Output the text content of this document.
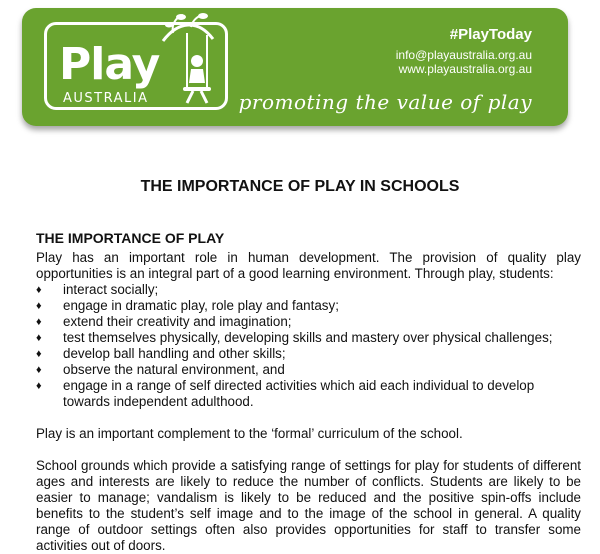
Play
AUSTRALIA
#PlayToday
info@playaustralia.org.au
www.playaustralia.org.au
promoting the value of play
THE IMPORTANCE OF PLAY IN SCHOOLS
THE IMPORTANCE OF PLAY

Play has an important role in human development. The provision of quality play opportunities is an integral part of a good learning environment. Through play, students:

♦ interact socially;
♦ engage in dramatic play, role play and fantasy;
♦ extend their creativity and imagination;
♦ test themselves physically, developing skills and mastery over physical challenges;
♦ develop ball handling and other skills;
♦ observe the natural environment, and
♦ engage in a range of self directed activities which aid each individual to develop towards independent adulthood.

Play is an important complement to the ‘formal’ curriculum of the school.

School grounds which provide a satisfying range of settings for play for students of different ages and interests are likely to reduce the number of conflicts. Students are likely to be easier to manage; vandalism is likely to be reduced and the positive spin-offs include benefits to the student’s self image and to the image of the school in general. A quality range of outdoor settings often also provides opportunities for staff to transfer some activities out of doors.
